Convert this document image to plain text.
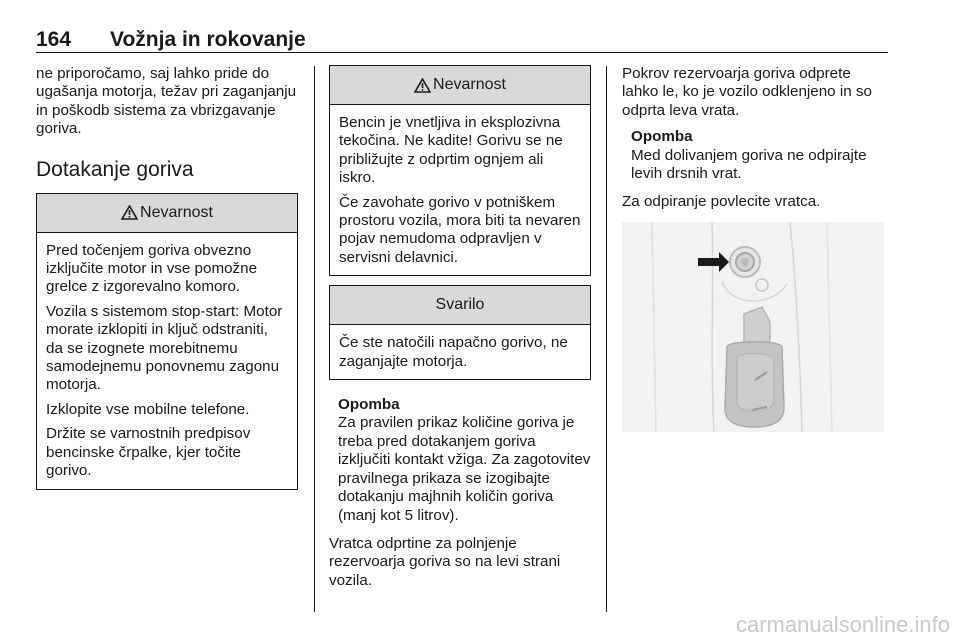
164 Vožnja in rokovanje

ne priporočamo, saj lahko pride do ugašanja motorja, težav pri zaganjanju in poškodb sistema za vbrizgavanje goriva.

Dotakanje goriva
Nevarnost

Pred točenjem goriva obvezno izključite motor in vse pomožne grelce z izgorevalno komoro.

Vozila s sistemom stop-start: Motor morate izklopiti in ključ odstraniti, da se izognete morebitnemu samodejnemu ponovnemu zagonu motorja.

Izklopite vse mobilne telefone.

Držite se varnostnih predpisov bencinske črpalke, kjer točite gorivo.

Nevarnost

Bencin je vnetljiva in eksplozivna tekočina. Ne kadite! Gorivu se ne približujte z odprtim ognjem ali iskro.

Če zavohate gorivo v potniškem prostoru vozila, mora biti ta nevaren pojav nemudoma odpravljen v servisni delavnici.

Svarilo

Če ste natočili napačno gorivo, ne zaganjajte motorja.

Opomba

Za pravilen prikaz količine goriva je treba pred dotakanjem goriva izključiti kontakt vžiga. Za zagotovitev pravilnega prikaza se izogibajte dotakanju majhnih količin goriva (manj kot 5 litrov).

Vratca odprtine za polnjenje rezervoarja goriva so na levi strani vozila.

Pokrov rezervoarja goriva odprete lahko le, ko je vozilo odklenjeno in so odprta leva vrata.

Opomba

Med dolivanjem goriva ne odpirajte levih drsnih vrat.

Za odpiranje povlecite vratca.

carmanualsonline.info
